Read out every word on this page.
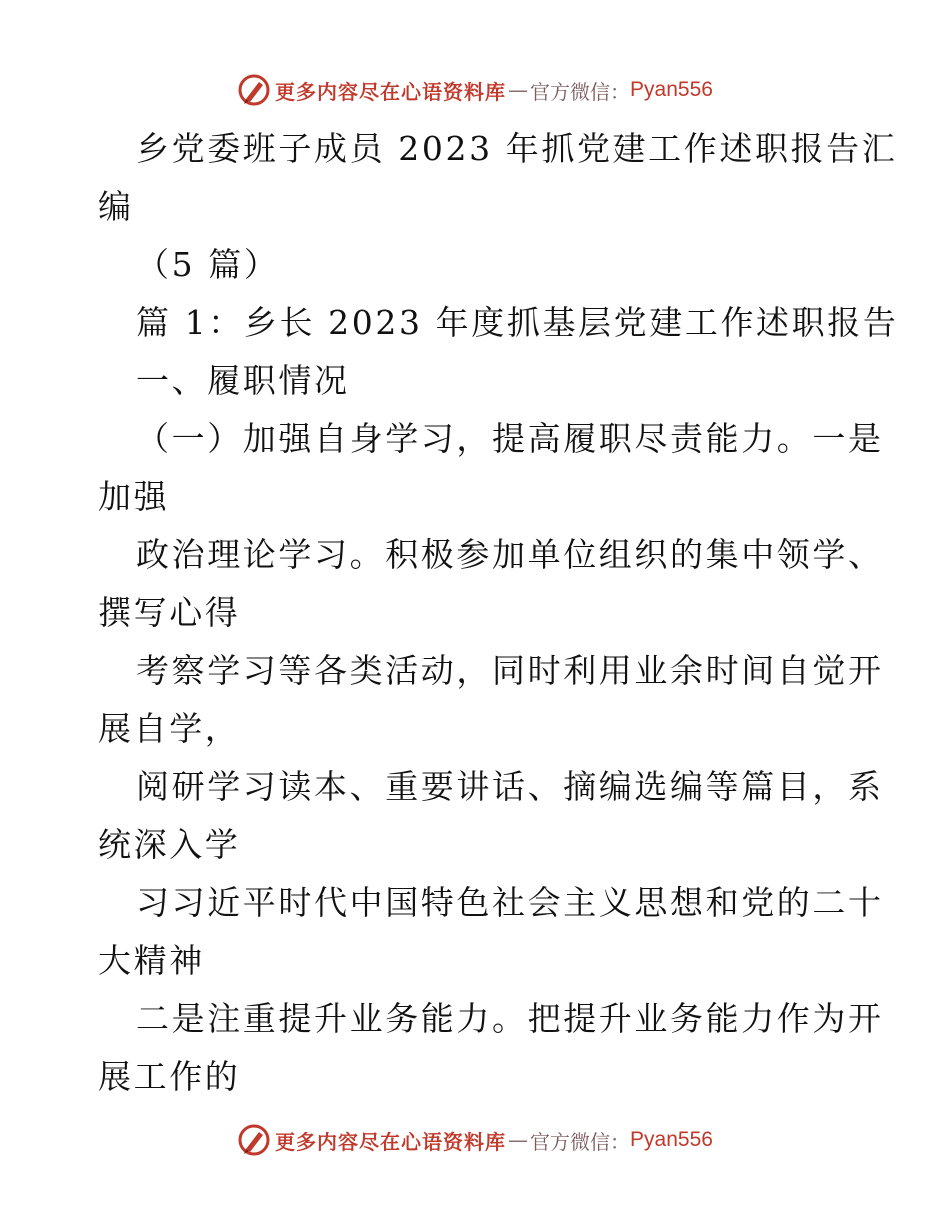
更多内容尽在心语资料库 — 官方微信： Pyan556
乡党委班子成员 2023 年抓党建工作述职报告汇
编
（5 篇）
篇 1：乡长 2023 年度抓基层党建工作述职报告
一、履职情况
（一）加强自身学习，提高履职尽责能力。一是
加强
政治理论学习。积极参加单位组织的集中领学、
撰写心得
考察学习等各类活动，同时利用业余时间自觉开
展自学，
阅研学习读本、重要讲话、摘编选编等篇目，系
统深入学
习习近平时代中国特色社会主义思想和党的二十
大精神
二是注重提升业务能力。把提升业务能力作为开
展工作的
更多内容尽在心语资料库 — 官方微信： Pyan556
